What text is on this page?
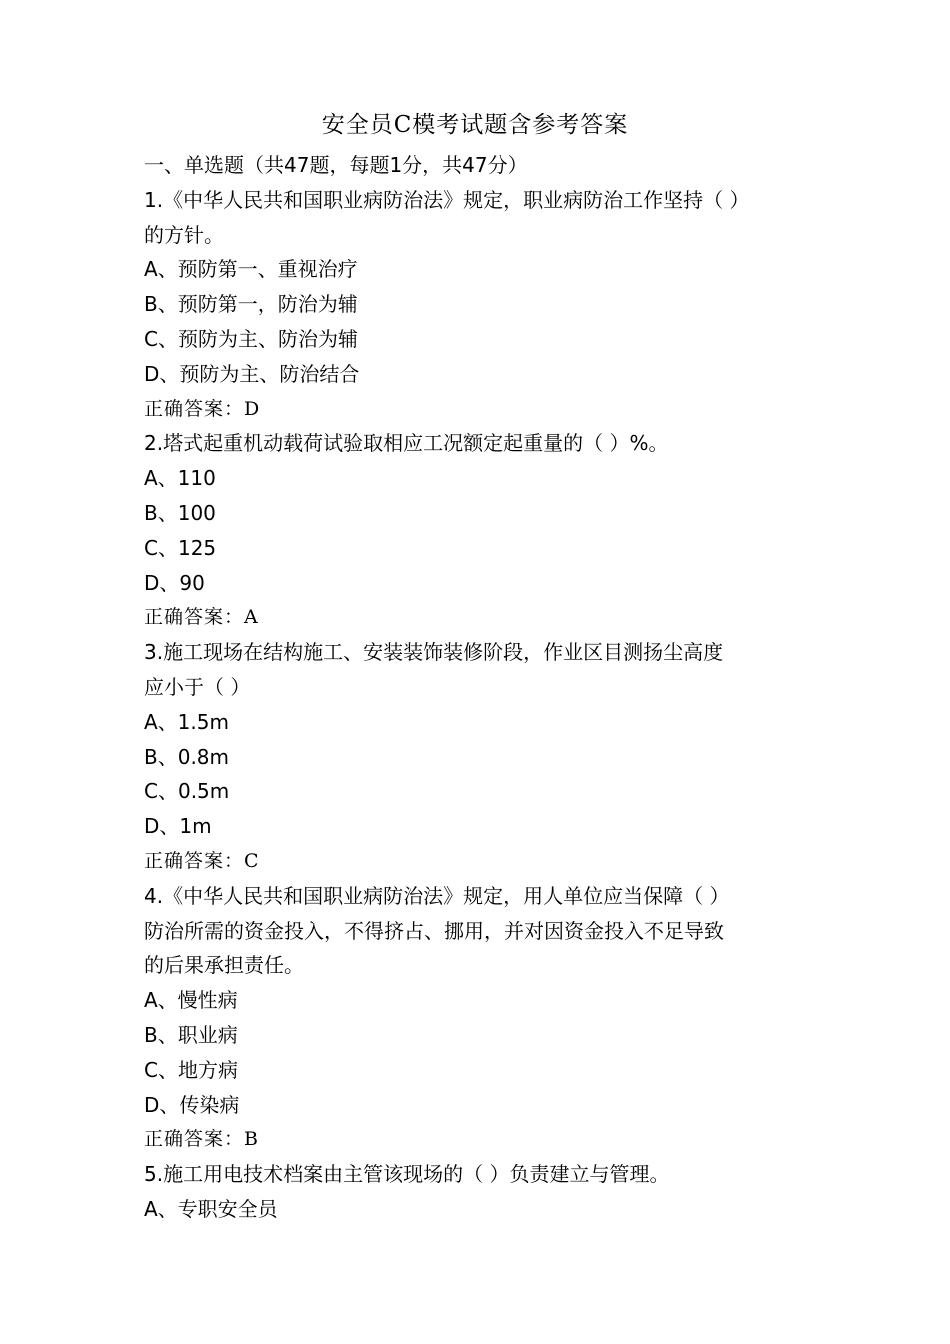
安全员C模考试题含参考答案
一、单选题（共47题，每题1分，共47分）
1.《中华人民共和国职业病防治法》规定，职业病防治工作坚持（ ）
的方针。
A、预防第一、重视治疗
B、预防第一，防治为辅
C、预防为主、防治为辅
D、预防为主、防治结合
正确答案：D
2.塔式起重机动载荷试验取相应工况额定起重量的（ ）%。
A、110
B、100
C、125
D、90
正确答案：A
3.施工现场在结构施工、安装装饰装修阶段，作业区目测扬尘高度
应小于（ ）
A、1.5m
B、0.8m
C、0.5m
D、1m
正确答案：C
4.《中华人民共和国职业病防治法》规定，用人单位应当保障（ ）
防治所需的资金投入，不得挤占、挪用，并对因资金投入不足导致
的后果承担责任。
A、慢性病
B、职业病
C、地方病
D、传染病
正确答案：B
5.施工用电技术档案由主管该现场的（ ）负责建立与管理。
A、专职安全员
